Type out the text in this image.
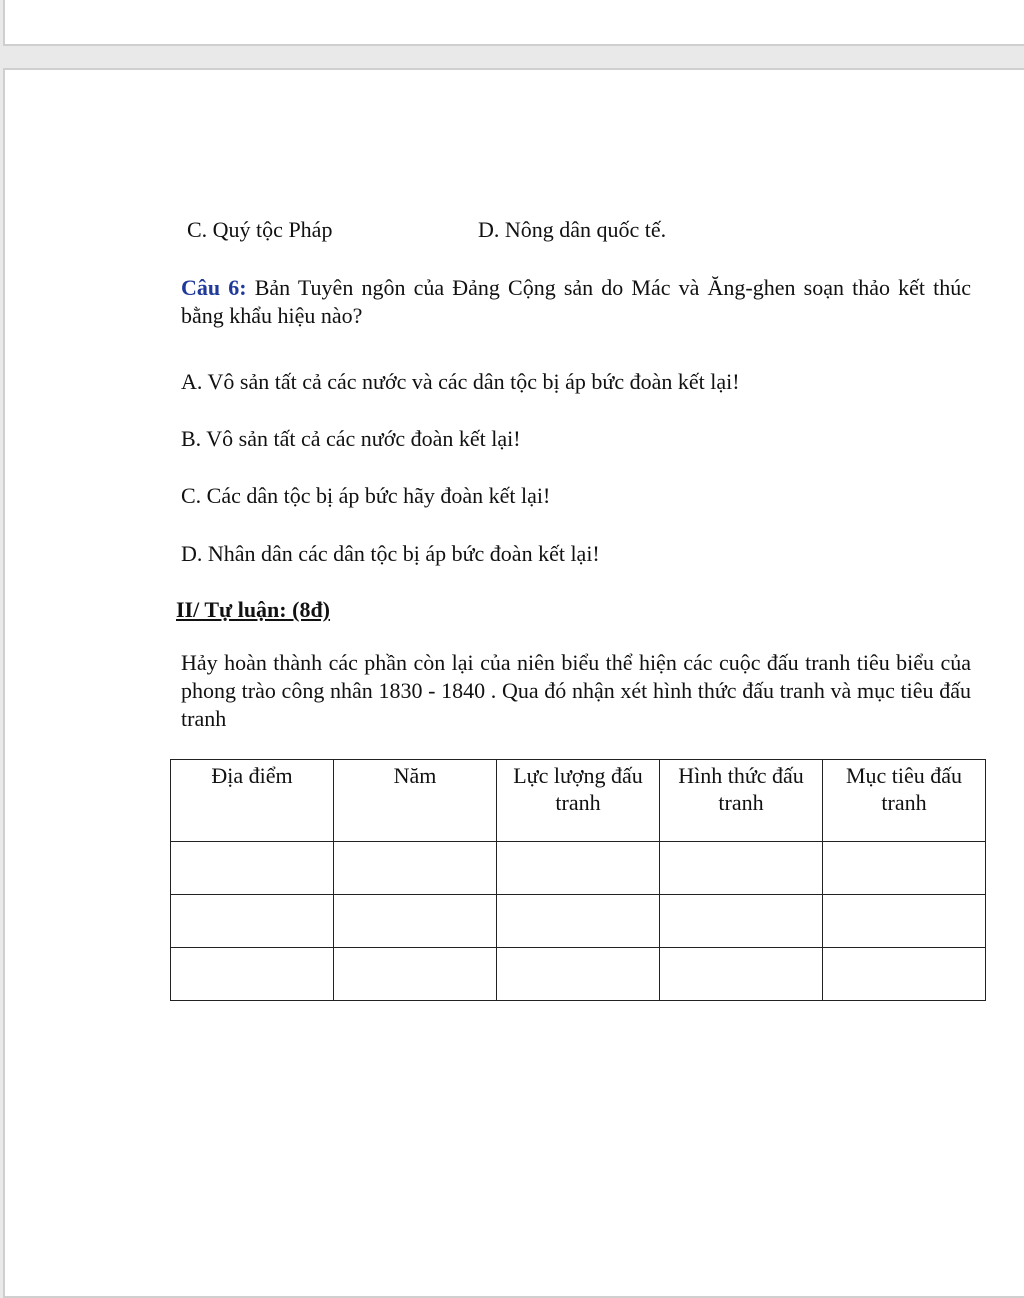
C. Quý tộc Pháp	D. Nông dân quốc tế.
Câu 6: Bản Tuyên ngôn của Đảng Cộng sản do Mác và Ăng-ghen soạn thảo kết thúc bằng khẩu hiệu nào?
A. Vô sản tất cả các nước và các dân tộc bị áp bức đoàn kết lại!
B. Vô sản tất cả các nước đoàn kết lại!
C. Các dân tộc bị áp bức hãy đoàn kết lại!
D. Nhân dân các dân tộc bị áp bức đoàn kết lại!
II/ Tự luận: (8đ)
Hảy hoàn thành các phần còn lại của niên biểu thể hiện các cuộc đấu tranh tiêu biểu của phong trào công nhân 1830 - 1840 . Qua đó nhận xét hình thức đấu tranh và mục tiêu đấu tranh
Địa điểm	Năm	Lực lượng đấu tranh	Hình thức đấu tranh	Mục tiêu đấu tranh
